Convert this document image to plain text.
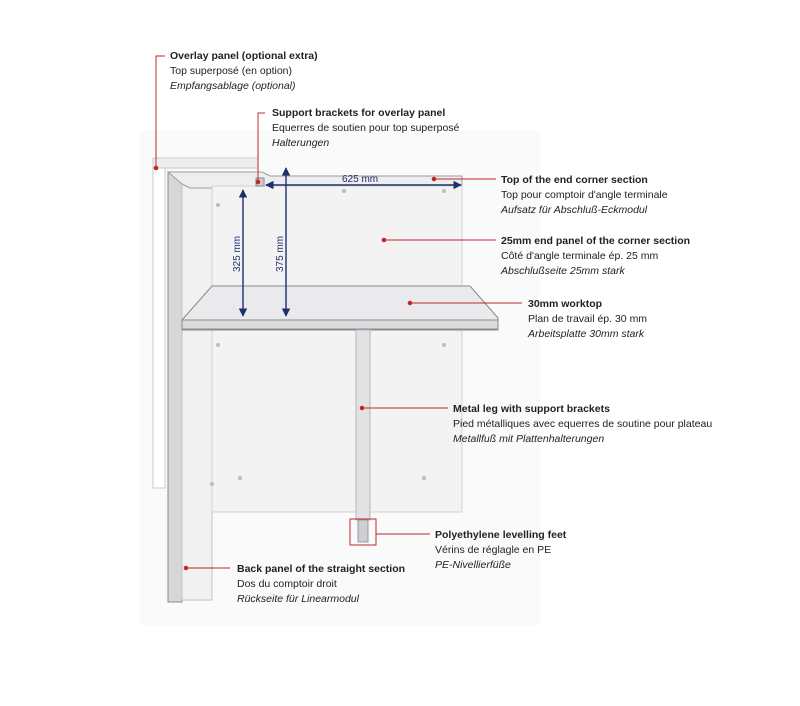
625 mm
325 mm	375 mm
Overlay panel (optional extra)
Top superposé (en option)
Empfangsablage (optional)
Support brackets for overlay panel
Equerres de soutien pour top superposé
Halterungen
Top of the end corner section
Top pour comptoir d'angle terminale
Aufsatz für Abschluß-Eckmodul
25mm end panel of the corner section
Côté d'angle terminale ép. 25 mm
Abschlußseite 25mm stark
30mm worktop
Plan de travail ép. 30 mm
Arbeitsplatte 30mm stark
Metal leg with support brackets
Pied métalliques avec equerres de soutine pour plateau
Metallfuß mit Plattenhalterungen
Polyethylene levelling feet
Vérins de réglagle en PE
PE-Nivellierfüße
Back panel of the straight section
Dos du comptoir droit
Rückseite für Linearmodul
